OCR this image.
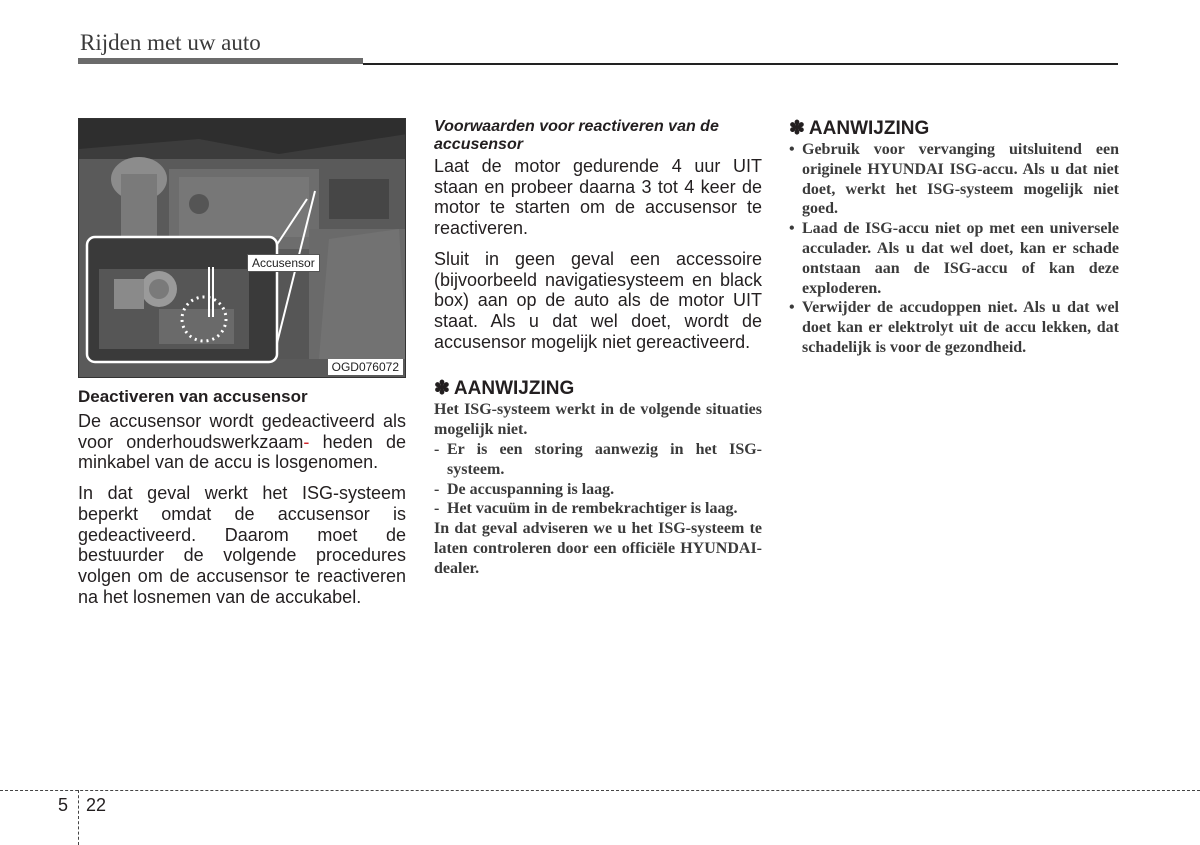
Rijden met uw auto
Accusensor
OGD076072
Deactiveren van accusensor

De accusensor wordt gedeactiveerd als voor onderhoudswerkzaam- heden de minkabel van de accu is losgenomen.

In dat geval werkt het ISG-systeem beperkt omdat de accusensor is gedeactiveerd. Daarom moet de bestuurder de volgende procedures volgen om de accusensor te reactiveren na het losnemen van de accukabel.

Voorwaarden voor reactiveren van de accusensor

Laat de motor gedurende 4 uur UIT staan en probeer daarna 3 tot 4 keer de motor te starten om de accusensor te reactiveren.

Sluit in geen geval een accessoire (bijvoorbeeld navigatiesysteem en black box) aan op de auto als de motor UIT staat. Als u dat wel doet, wordt de accusensor mogelijk niet gereactiveerd.

✽ AANWIJZING
Het ISG-systeem werkt in de volgende situaties mogelijk niet.
- Er is een storing aanwezig in het ISG-systeem.
- De accuspanning is laag.
- Het vacuüm in de rembekrachtiger is laag.
In dat geval adviseren we u het ISG-systeem te laten controleren door een officiële HYUNDAI-dealer.
✽ AANWIJZING
• Gebruik voor vervanging uitsluitend een originele HYUNDAI ISG-accu. Als u dat niet doet, werkt het ISG-systeem mogelijk niet goed.
• Laad de ISG-accu niet op met een universele acculader. Als u dat wel doet, kan er schade ontstaan aan de ISG-accu of kan deze exploderen.
• Verwijder de accudoppen niet. Als u dat wel doet kan er elektrolyt uit de accu lekken, dat schadelijk is voor de gezondheid.
5 22
